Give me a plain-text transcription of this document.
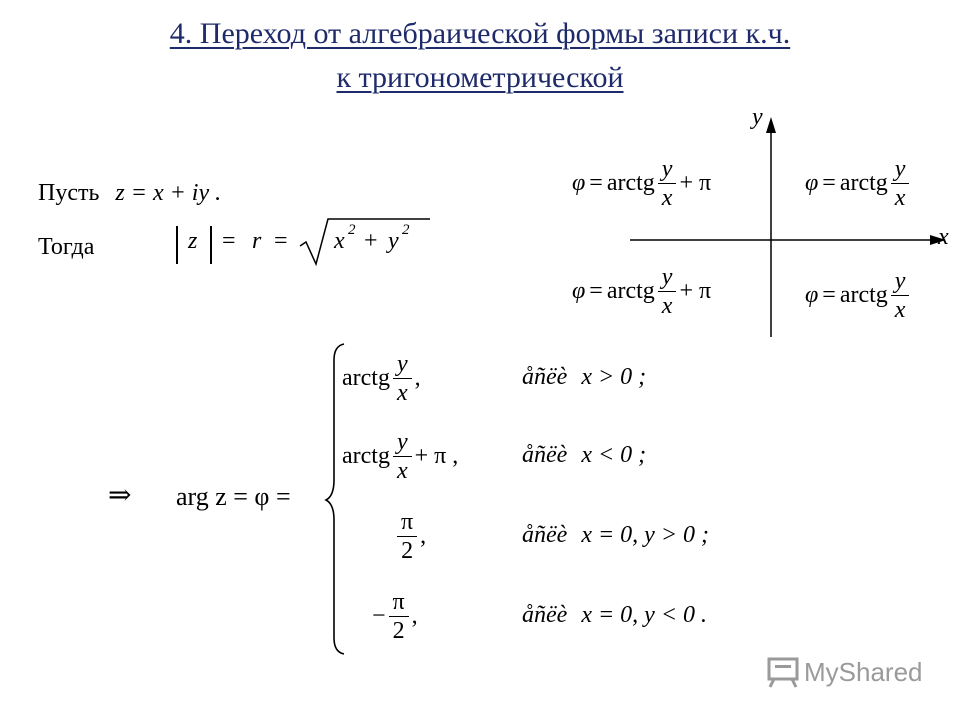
4. Переход от алгебраической формы записи к.ч.
к тригонометрической
Пусть z = x + iy .
Тогда	z = r = x 2 + y 2	x
y
φ = arctg $\frac{y}{x} + \pi$	φ = arctg $\frac{y}{x}$
φ = arctg $\frac{y}{x} + \pi$	φ = arctg $\frac{y}{x}$
⇒ arg z = φ =
arctg $\frac{y}{x}$ ,	åñëè x > 0 ;
arctg $\frac{y}{x} + \pi$ ,	åñëè x < 0 ;
$\frac{\pi}{2}$ ,	åñëè x = 0, y > 0 ;
− $\frac{\pi}{2}$ ,	åñëè x = 0, y < 0 .
MyShared
